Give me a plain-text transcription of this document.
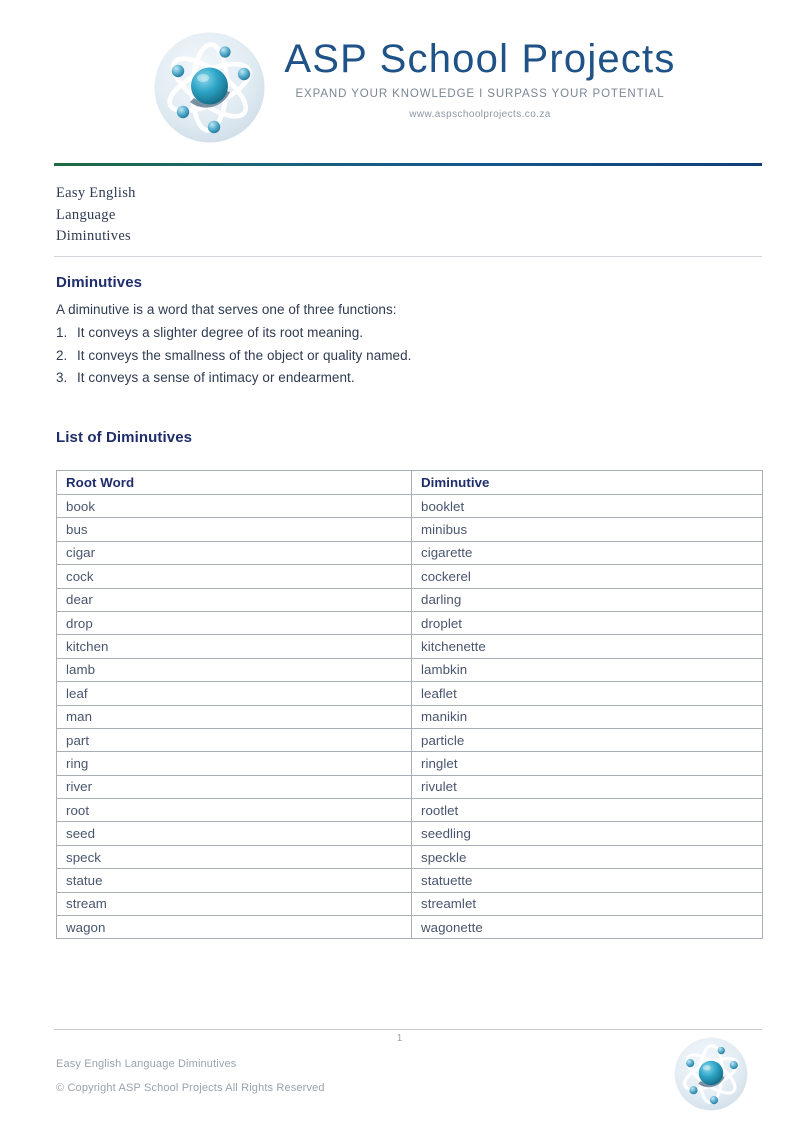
ASP School Projects
EXPAND YOUR KNOWLEDGE I SURPASS YOUR POTENTIAL
www.aspschoolprojects.co.za
Easy English
Language
Diminutives
Diminutives
A diminutive is a word that serves one of three functions:
1. It conveys a slighter degree of its root meaning.
2. It conveys the smallness of the object or quality named.
3. It conveys a sense of intimacy or endearment.
List of Diminutives
Root Word	Diminutive
book	booklet
bus	minibus
cigar	cigarette
cock	cockerel
dear	darling
drop	droplet
kitchen	kitchenette
lamb	lambkin
leaf	leaflet
man	manikin
part	particle
ring	ringlet
river	rivulet
root	rootlet
seed	seedling
speck	speckle
statue	statuette
stream	streamlet
wagon	wagonette
1
Easy English Language Diminutives
© Copyright ASP School Projects All Rights Reserved
